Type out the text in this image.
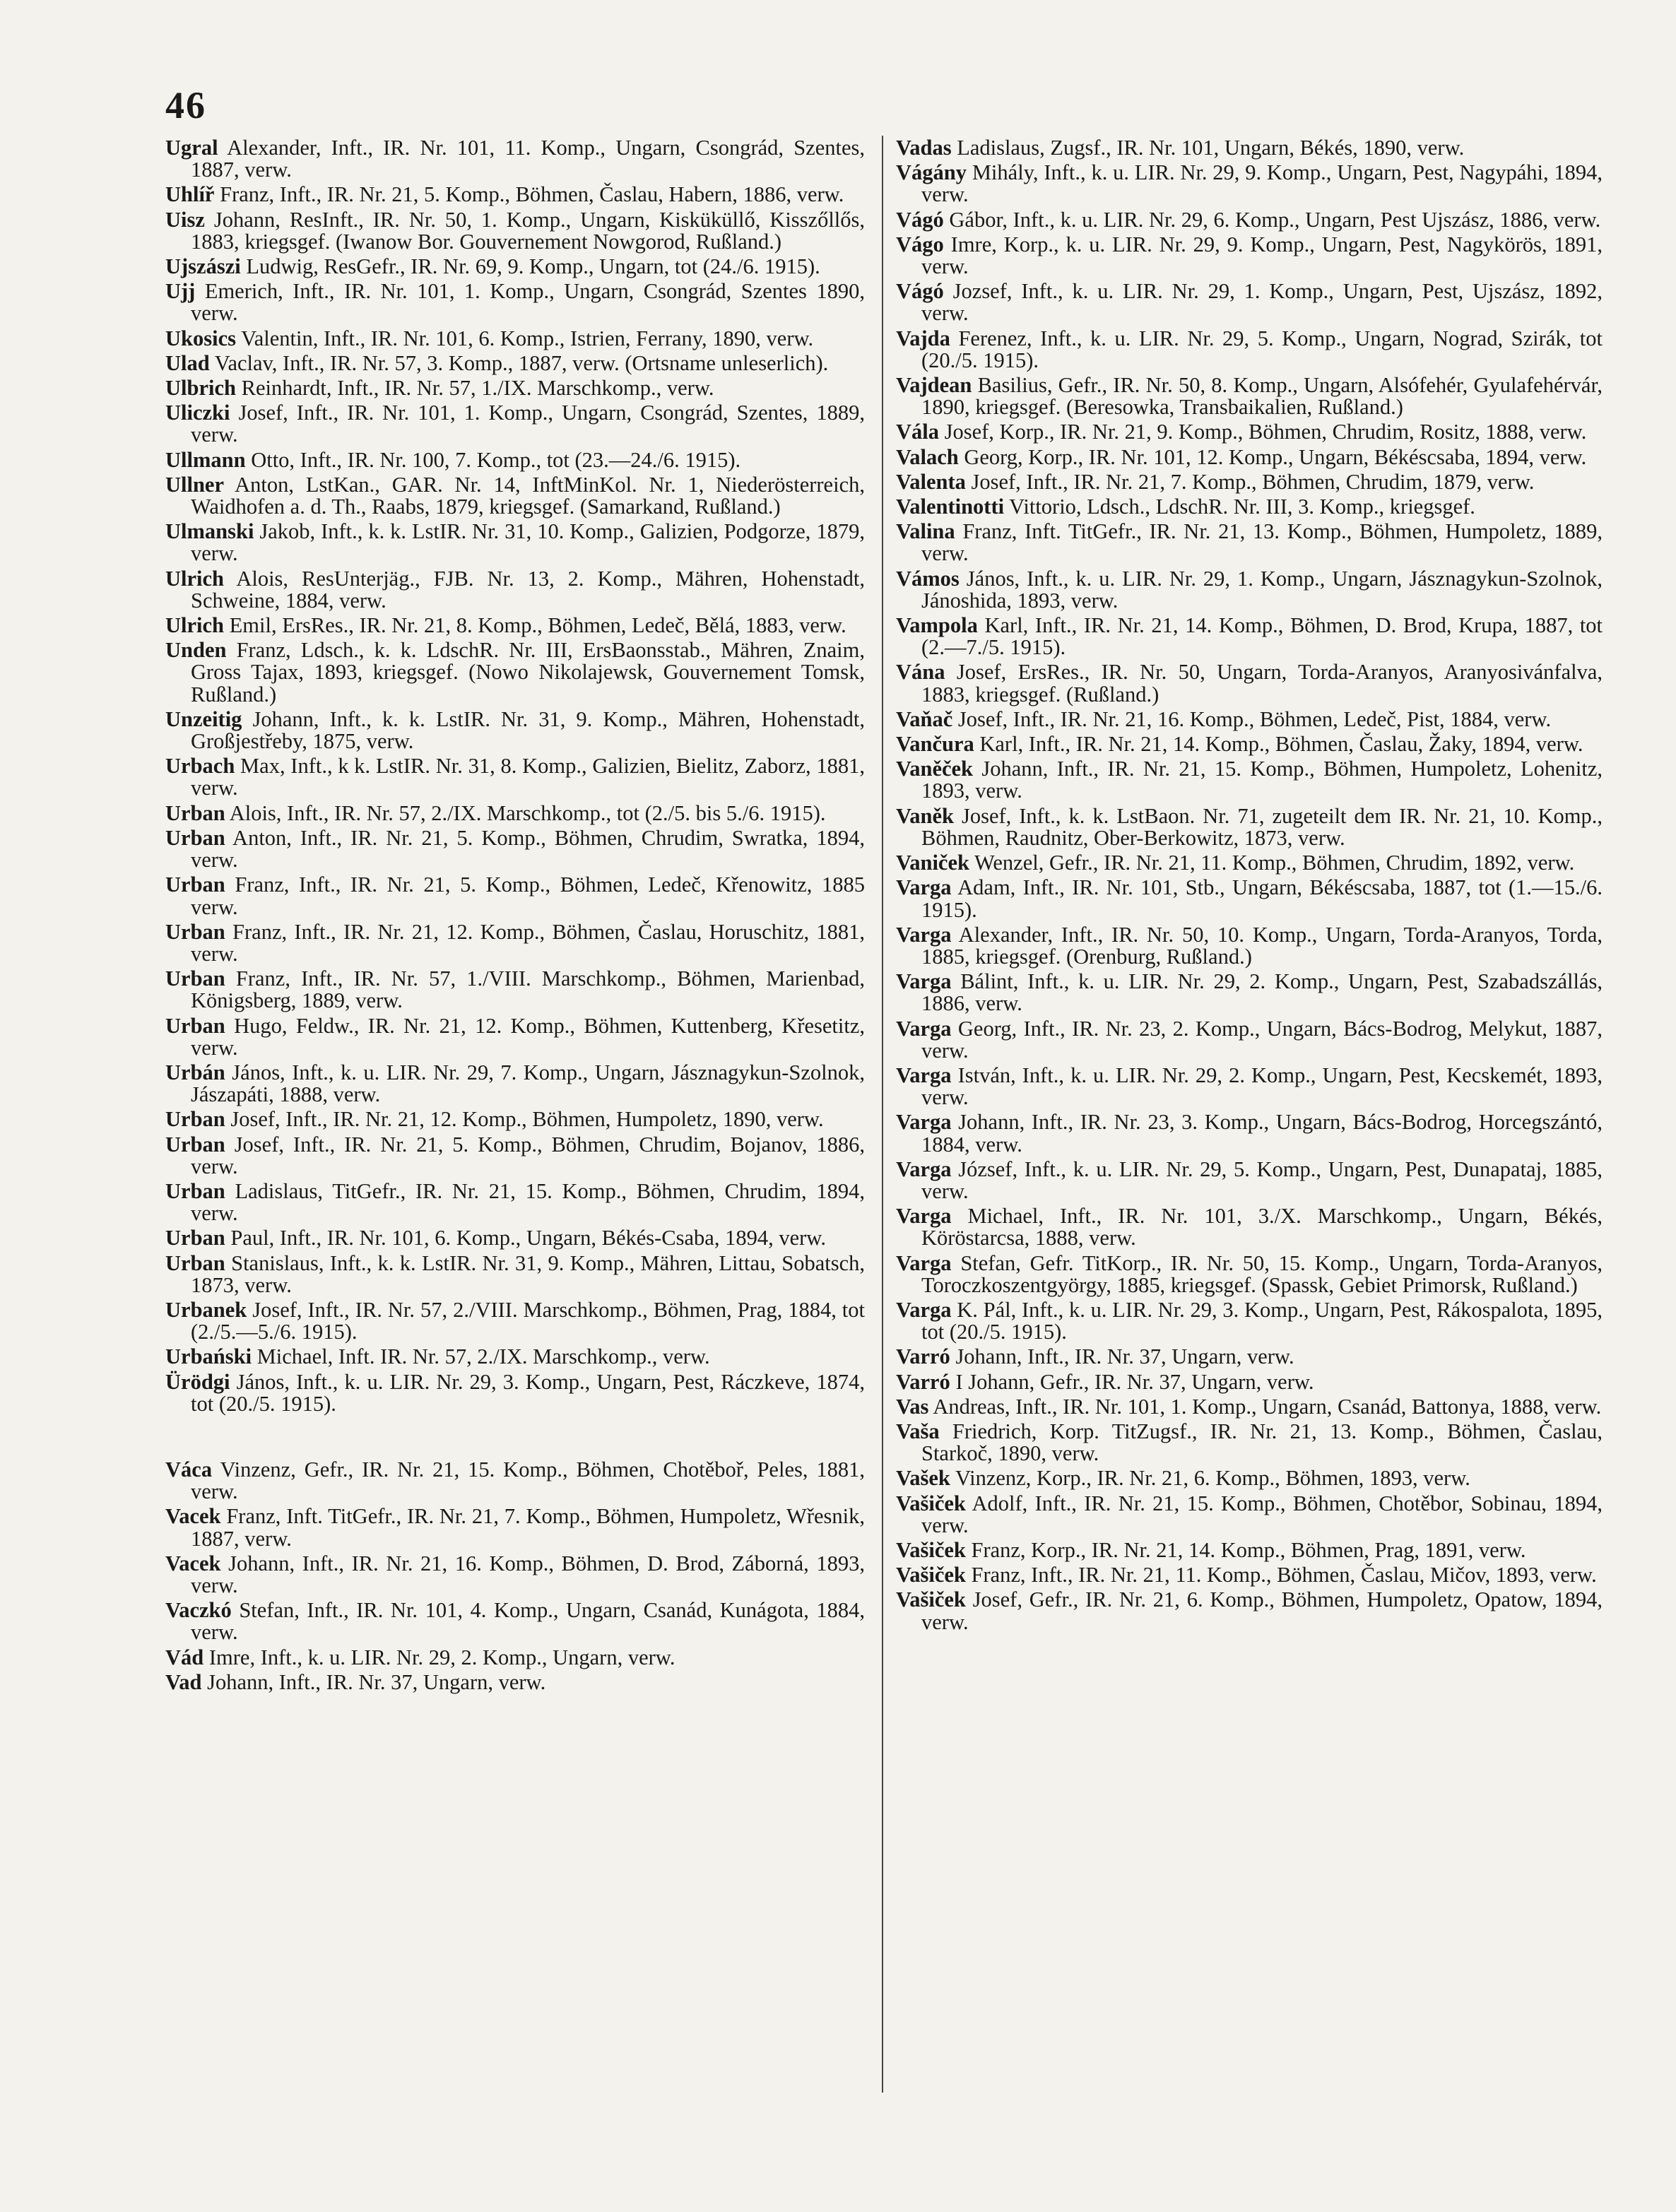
46

Ugral Alexander, Inft., IR. Nr. 101, 11. Komp., Ungarn, Csongrád, Szentes, 1887, verw.

Uhlíř Franz, Inft., IR. Nr. 21, 5. Komp., Böhmen, Časlau, Habern, 1886, verw.

Uisz Johann, ResInft., IR. Nr. 50, 1. Komp., Ungarn, Kisküküllő, Kisszőllős, 1883, kriegsgef. (Iwanow Bor. Gouvernement Nowgorod, Rußland.)

Ujszászi Ludwig, ResGefr., IR. Nr. 69, 9. Komp., Ungarn, tot (24./6. 1915).

Ujj Emerich, Inft., IR. Nr. 101, 1. Komp., Ungarn, Csongrád, Szentes 1890, verw.

Ukosics Valentin, Inft., IR. Nr. 101, 6. Komp., Istrien, Ferrany, 1890, verw.

Ulad Vaclav, Inft., IR. Nr. 57, 3. Komp., 1887, verw. (Ortsname unleserlich).

Ulbrich Reinhardt, Inft., IR. Nr. 57, 1./IX. Marschkomp., verw.

Uliczki Josef, Inft., IR. Nr. 101, 1. Komp., Ungarn, Csongrád, Szentes, 1889, verw.

Ullmann Otto, Inft., IR. Nr. 100, 7. Komp., tot (23.—24./6. 1915).

Ullner Anton, LstKan., GAR. Nr. 14, InftMinKol. Nr. 1, Niederösterreich, Waidhofen a. d. Th., Raabs, 1879, kriegsgef. (Samarkand, Rußland.)

Ulmanski Jakob, Inft., k. k. LstIR. Nr. 31, 10. Komp., Galizien, Podgorze, 1879, verw.

Ulrich Alois, ResUnterjäg., FJB. Nr. 13, 2. Komp., Mähren, Hohenstadt, Schweine, 1884, verw.

Ulrich Emil, ErsRes., IR. Nr. 21, 8. Komp., Böhmen, Ledeč, Bělá, 1883, verw.

Unden Franz, Ldsch., k. k. LdschR. Nr. III, ErsBaonsstab., Mähren, Znaim, Gross Tajax, 1893, kriegsgef. (Nowo Nikolajewsk, Gouvernement Tomsk, Rußland.)

Unzeitig Johann, Inft., k. k. LstIR. Nr. 31, 9. Komp., Mähren, Hohenstadt, Großjestřeby, 1875, verw.

Urbach Max, Inft., k k. LstIR. Nr. 31, 8. Komp., Galizien, Bielitz, Zaborz, 1881, verw.

Urban Alois, Inft., IR. Nr. 57, 2./IX. Marschkomp., tot (2./5. bis 5./6. 1915).

Urban Anton, Inft., IR. Nr. 21, 5. Komp., Böhmen, Chrudim, Swratka, 1894, verw.

Urban Franz, Inft., IR. Nr. 21, 5. Komp., Böhmen, Ledeč, Křenowitz, 1885 verw.

Urban Franz, Inft., IR. Nr. 21, 12. Komp., Böhmen, Časlau, Horuschitz, 1881, verw.

Urban Franz, Inft., IR. Nr. 57, 1./VIII. Marschkomp., Böhmen, Marienbad, Königsberg, 1889, verw.

Urban Hugo, Feldw., IR. Nr. 21, 12. Komp., Böhmen, Kuttenberg, Křesetitz, verw.

Urbán János, Inft., k. u. LIR. Nr. 29, 7. Komp., Ungarn, Jásznagykun-Szolnok, Jászapáti, 1888, verw.

Urban Josef, Inft., IR. Nr. 21, 12. Komp., Böhmen, Humpoletz, 1890, verw.

Urban Josef, Inft., IR. Nr. 21, 5. Komp., Böhmen, Chrudim, Bojanov, 1886, verw.

Urban Ladislaus, TitGefr., IR. Nr. 21, 15. Komp., Böhmen, Chrudim, 1894, verw.

Urban Paul, Inft., IR. Nr. 101, 6. Komp., Ungarn, Békés-Csaba, 1894, verw.

Urban Stanislaus, Inft., k. k. LstIR. Nr. 31, 9. Komp., Mähren, Littau, Sobatsch, 1873, verw.

Urbanek Josef, Inft., IR. Nr. 57, 2./VIII. Marschkomp., Böhmen, Prag, 1884, tot (2./5.—5./6. 1915).

Urbański Michael, Inft. IR. Nr. 57, 2./IX. Marschkomp., verw.

Ürödgi János, Inft., k. u. LIR. Nr. 29, 3. Komp., Ungarn, Pest, Ráczkeve, 1874, tot (20./5. 1915).

Váca Vinzenz, Gefr., IR. Nr. 21, 15. Komp., Böhmen, Chotěboř, Peles, 1881, verw.

Vacek Franz, Inft. TitGefr., IR. Nr. 21, 7. Komp., Böhmen, Humpoletz, Wřesnik, 1887, verw.

Vacek Johann, Inft., IR. Nr. 21, 16. Komp., Böhmen, D. Brod, Záborná, 1893, verw.

Vaczkó Stefan, Inft., IR. Nr. 101, 4. Komp., Ungarn, Csanád, Kunágota, 1884, verw.

Vád Imre, Inft., k. u. LIR. Nr. 29, 2. Komp., Ungarn, verw.

Vad Johann, Inft., IR. Nr. 37, Ungarn, verw.

Vadas Ladislaus, Zugsf., IR. Nr. 101, Ungarn, Békés, 1890, verw.

Vágány Mihály, Inft., k. u. LIR. Nr. 29, 9. Komp., Ungarn, Pest, Nagypáhi, 1894, verw.

Vágó Gábor, Inft., k. u. LIR. Nr. 29, 6. Komp., Ungarn, Pest Ujszász, 1886, verw.

Vágo Imre, Korp., k. u. LIR. Nr. 29, 9. Komp., Ungarn, Pest, Nagykörös, 1891, verw.

Vágó Jozsef, Inft., k. u. LIR. Nr. 29, 1. Komp., Ungarn, Pest, Ujszász, 1892, verw.

Vajda Ferenez, Inft., k. u. LIR. Nr. 29, 5. Komp., Ungarn, Nograd, Szirák, tot (20./5. 1915).

Vajdean Basilius, Gefr., IR. Nr. 50, 8. Komp., Ungarn, Alsófehér, Gyulafehérvár, 1890, kriegsgef. (Beresowka, Transbaikalien, Rußland.)

Vála Josef, Korp., IR. Nr. 21, 9. Komp., Böhmen, Chrudim, Rositz, 1888, verw.

Valach Georg, Korp., IR. Nr. 101, 12. Komp., Ungarn, Békéscsaba, 1894, verw.

Valenta Josef, Inft., IR. Nr. 21, 7. Komp., Böhmen, Chrudim, 1879, verw.

Valentinotti Vittorio, Ldsch., LdschR. Nr. III, 3. Komp., kriegsgef.

Valina Franz, Inft. TitGefr., IR. Nr. 21, 13. Komp., Böhmen, Humpoletz, 1889, verw.

Vámos János, Inft., k. u. LIR. Nr. 29, 1. Komp., Ungarn, Jásznagykun-Szolnok, Jánoshida, 1893, verw.

Vampola Karl, Inft., IR. Nr. 21, 14. Komp., Böhmen, D. Brod, Krupa, 1887, tot (2.—7./5. 1915).

Vána Josef, ErsRes., IR. Nr. 50, Ungarn, Torda-Aranyos, Aranyosivánfalva, 1883, kriegsgef. (Rußland.)

Vaňač Josef, Inft., IR. Nr. 21, 16. Komp., Böhmen, Ledeč, Pist, 1884, verw.

Vančura Karl, Inft., IR. Nr. 21, 14. Komp., Böhmen, Časlau, Žaky, 1894, verw.

Vaněček Johann, Inft., IR. Nr. 21, 15. Komp., Böhmen, Humpoletz, Lohenitz, 1893, verw.

Vaněk Josef, Inft., k. k. LstBaon. Nr. 71, zugeteilt dem IR. Nr. 21, 10. Komp., Böhmen, Raudnitz, Ober-Berkowitz, 1873, verw.

Vaniček Wenzel, Gefr., IR. Nr. 21, 11. Komp., Böhmen, Chrudim, 1892, verw.

Varga Adam, Inft., IR. Nr. 101, Stb., Ungarn, Békéscsaba, 1887, tot (1.—15./6. 1915).

Varga Alexander, Inft., IR. Nr. 50, 10. Komp., Ungarn, Torda-Aranyos, Torda, 1885, kriegsgef. (Orenburg, Rußland.)

Varga Bálint, Inft., k. u. LIR. Nr. 29, 2. Komp., Ungarn, Pest, Szabadszállás, 1886, verw.

Varga Georg, Inft., IR. Nr. 23, 2. Komp., Ungarn, Bács-Bodrog, Melykut, 1887, verw.

Varga István, Inft., k. u. LIR. Nr. 29, 2. Komp., Ungarn, Pest, Kecskemét, 1893, verw.

Varga Johann, Inft., IR. Nr. 23, 3. Komp., Ungarn, Bács-Bodrog, Horcegszántó, 1884, verw.

Varga József, Inft., k. u. LIR. Nr. 29, 5. Komp., Ungarn, Pest, Dunapataj, 1885, verw.

Varga Michael, Inft., IR. Nr. 101, 3./X. Marschkomp., Ungarn, Békés, Köröstarcsa, 1888, verw.

Varga Stefan, Gefr. TitKorp., IR. Nr. 50, 15. Komp., Ungarn, Torda-Aranyos, Toroczkoszentgyörgy, 1885, kriegsgef. (Spassk, Gebiet Primorsk, Rußland.)

Varga K. Pál, Inft., k. u. LIR. Nr. 29, 3. Komp., Ungarn, Pest, Rákospalota, 1895, tot (20./5. 1915).

Varró Johann, Inft., IR. Nr. 37, Ungarn, verw.

Varró I Johann, Gefr., IR. Nr. 37, Ungarn, verw.

Vas Andreas, Inft., IR. Nr. 101, 1. Komp., Ungarn, Csanád, Battonya, 1888, verw.

Vaša Friedrich, Korp. TitZugsf., IR. Nr. 21, 13. Komp., Böhmen, Časlau, Starkoč, 1890, verw.

Vašek Vinzenz, Korp., IR. Nr. 21, 6. Komp., Böhmen, 1893, verw.

Vašiček Adolf, Inft., IR. Nr. 21, 15. Komp., Böhmen, Chotěbor, Sobinau, 1894, verw.

Vašiček Franz, Korp., IR. Nr. 21, 14. Komp., Böhmen, Prag, 1891, verw.

Vašiček Franz, Inft., IR. Nr. 21, 11. Komp., Böhmen, Časlau, Mičov, 1893, verw.

Vašiček Josef, Gefr., IR. Nr. 21, 6. Komp., Böhmen, Humpoletz, Opatow, 1894, verw.
